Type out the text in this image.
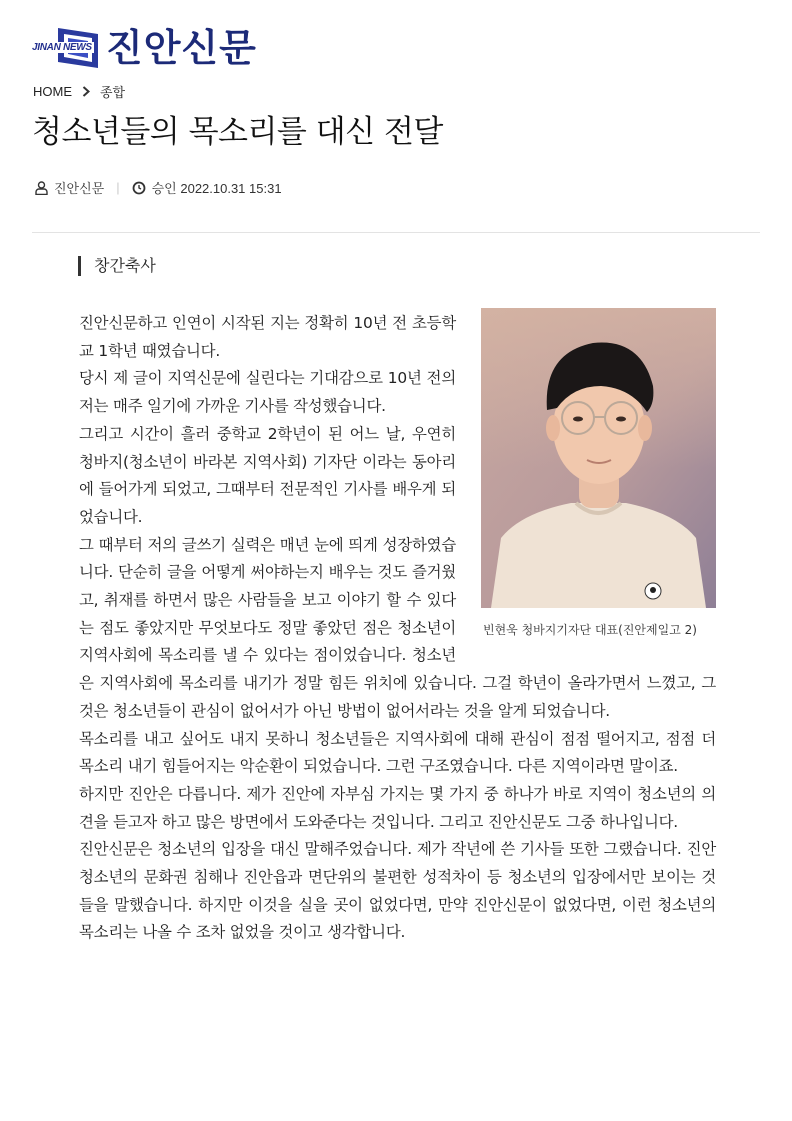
JINAN NEWS 진안신문
HOME 종합
청소년들의 목소리를 대신 전달
진안신문 | 승인 2022.10.31 15:31
창간축사
빈현욱 청바지기자단 대표(진안제일고 2)

진안신문하고 인연이 시작된 지는 정확히 10년 전 초등학교 1학년 때였습니다.

당시 제 글이 지역신문에 실린다는 기대감으로 10년 전의 저는 매주 일기에 가까운 기사를 작성했습니다.

그리고 시간이 흘러 중학교 2학년이 된 어느 날, 우연히 청바지(청소년이 바라본 지역사회) 기자단 이라는 동아리에 들어가게 되었고, 그때부터 전문적인 기사를 배우게 되었습니다.

그 때부터 저의 글쓰기 실력은 매년 눈에 띄게 성장하였습니다. 단순히 글을 어떻게 써야하는지 배우는 것도 즐거웠고, 취재를 하면서 많은 사람들을 보고 이야기 할 수 있다는 점도 좋았지만 무엇보다도 정말 좋았던 점은 청소년이 지역사회에 목소리를 낼 수 있다는 점이었습니다. 청소년은 지역사회에 목소리를 내기가 정말 힘든 위치에 있습니다. 그걸 학년이 올라가면서 느꼈고, 그것은 청소년들이 관심이 없어서가 아닌 방법이 없어서라는 것을 알게 되었습니다.

목소리를 내고 싶어도 내지 못하니 청소년들은 지역사회에 대해 관심이 점점 떨어지고, 점점 더 목소리 내기 힘들어지는 악순환이 되었습니다. 그런 구조였습니다. 다른 지역이라면 말이죠.

하지만 진안은 다릅니다. 제가 진안에 자부심 가지는 몇 가지 중 하나가 바로 지역이 청소년의 의견을 듣고자 하고 많은 방면에서 도와준다는 것입니다. 그리고 진안신문도 그중 하나입니다.

진안신문은 청소년의 입장을 대신 말해주었습니다. 제가 작년에 쓴 기사들 또한 그랬습니다. 진안 청소년의 문화권 침해나 진안읍과 면단위의 불편한 성적차이 등 청소년의 입장에서만 보이는 것들을 말했습니다. 하지만 이것을 실을 곳이 없었다면, 만약 진안신문이 없었다면, 이런 청소년의 목소리는 나올 수 조차 없었을 것이고 생각합니다.
